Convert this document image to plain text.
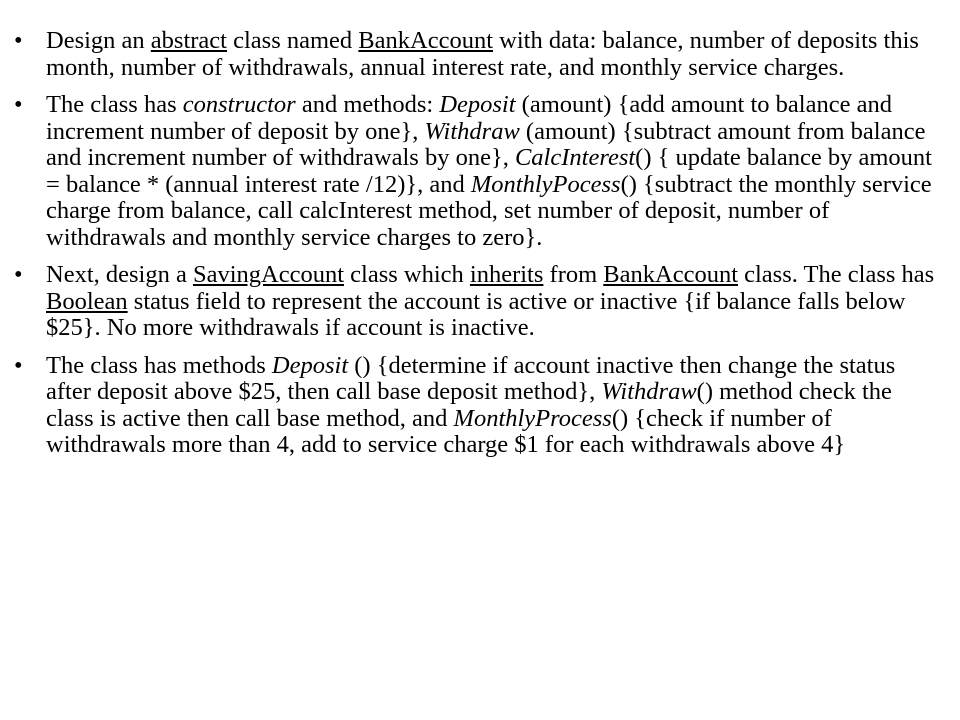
• Design an abstract class named BankAccount with data: balance, number of deposits this month, number of withdrawals, annual interest rate, and monthly service charges.
• The class has constructor and methods: Deposit (amount) {add amount to balance and increment number of deposit by one}, Withdraw (amount) {subtract amount from balance and increment number of withdrawals by one}, CalcInterest() { update balance by amount = balance * (annual interest rate /12)}, and MonthlyPocess() {subtract the monthly service charge from balance, call calcInterest method, set number of deposit, number of withdrawals and monthly service charges to zero}.
• Next, design a SavingAccount class which inherits from BankAccount class. The class has Boolean status field to represent the account is active or inactive {if balance falls below $25}. No more withdrawals if account is inactive.
• The class has methods Deposit () {determine if account inactive then change the status after deposit above $25, then call base deposit method}, Withdraw() method check the class is active then call base method, and MonthlyProcess() {check if number of withdrawals more than 4, add to service charge $1 for each withdrawals above 4}
